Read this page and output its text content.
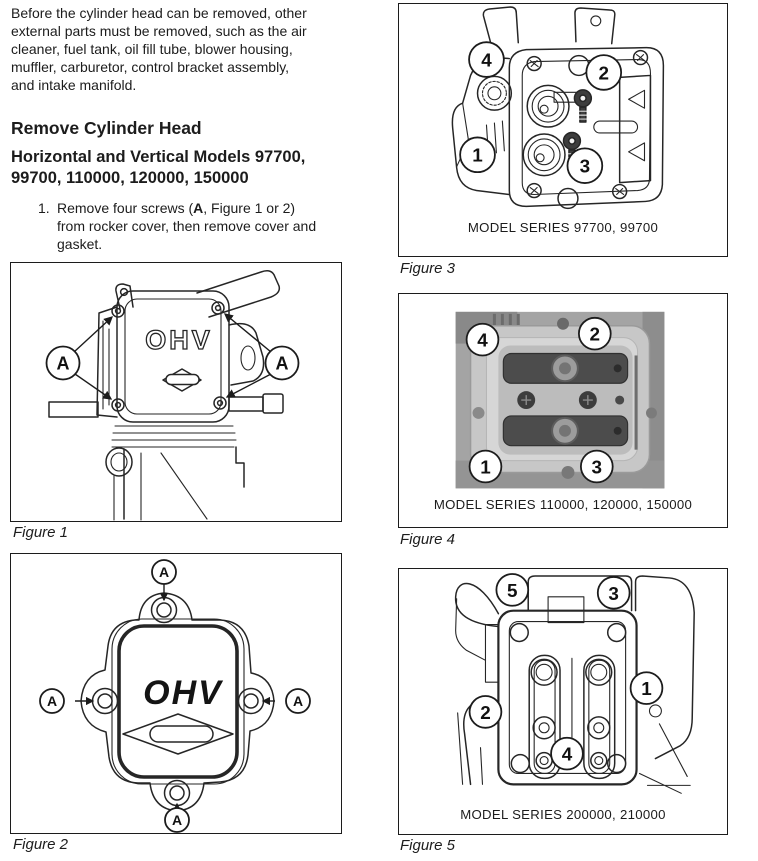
Before the cylinder head can be removed, other
external parts must be removed, such as the air
cleaner, fuel tank, oil fill tube, blower housing,
muffler, carburetor, control bracket assembly,
and intake manifold.
Remove Cylinder Head
Horizontal and Vertical Models 97700,
99700, 110000, 120000, 150000
1. Remove four screws (A, Figure 1 or 2)
from rocker cover, then remove cover and
gasket.
OHV
A	A
Figure 1
OHV
A
A	A
A
Figure 2
4
2
1
3
MODEL SERIES 97700, 99700
Figure 3
4	2
1	3
MODEL SERIES 110000, 120000, 150000
Figure 4
5	3
1
2
4
MODEL SERIES 200000, 210000
Figure 5
